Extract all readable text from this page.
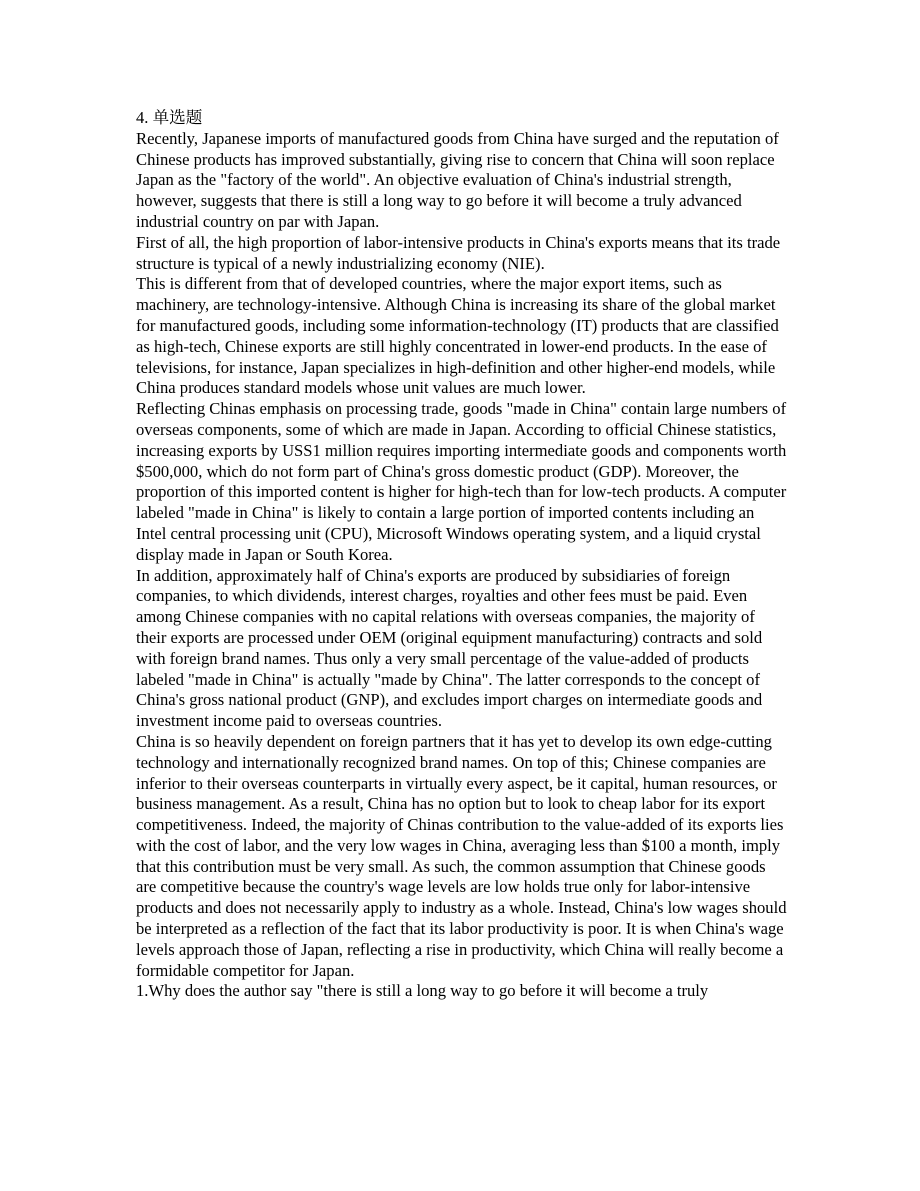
4. 单选题

Recently, Japanese imports of manufactured goods from China have surged and the reputation of Chinese products has improved substantially, giving rise to concern that China will soon replace Japan as the "factory of the world". An objective evaluation of China's industrial strength, however, suggests that there is still a long way to go before it will become a truly advanced industrial country on par with Japan.

First of all, the high proportion of labor-intensive products in China's exports means that its trade structure is typical of a newly industrializing economy (NIE).

This is different from that of developed countries, where the major export items, such as machinery, are technology-intensive. Although China is increasing its share of the global market for manufactured goods, including some information-technology (IT) products that are classified as high-tech, Chinese exports are still highly concentrated in lower-end products. In the ease of televisions, for instance, Japan specializes in high-definition and other higher-end models, while China produces standard models whose unit values are much lower.

Reflecting Chinas emphasis on processing trade, goods "made in China" contain large numbers of overseas components, some of which are made in Japan. According to official Chinese statistics, increasing exports by USS1 million requires importing intermediate goods and components worth $500,000, which do not form part of China's gross domestic product (GDP). Moreover, the proportion of this imported content is higher for high-tech than for low-tech products. A computer labeled "made in China" is likely to contain a large portion of imported contents including an Intel central processing unit (CPU), Microsoft Windows operating system, and a liquid crystal display made in Japan or South Korea.

In addition, approximately half of China's exports are produced by subsidiaries of foreign companies, to which dividends, interest charges, royalties and other fees must be paid. Even among Chinese companies with no capital relations with overseas companies, the majority of their exports are processed under OEM (original equipment manufacturing) contracts and sold with foreign brand names. Thus only a very small percentage of the value-added of products labeled "made in China" is actually "made by China". The latter corresponds to the concept of China's gross national product (GNP), and excludes import charges on intermediate goods and investment income paid to overseas countries.

China is so heavily dependent on foreign partners that it has yet to develop its own edge-cutting technology and internationally recognized brand names. On top of this; Chinese companies are inferior to their overseas counterparts in virtually every aspect, be it capital, human resources, or business management. As a result, China has no option but to look to cheap labor for its export competitiveness. Indeed, the majority of Chinas contribution to the value-added of its exports lies with the cost of labor, and the very low wages in China, averaging less than $100 a month, imply that this contribution must be very small. As such, the common assumption that Chinese goods are competitive because the country's wage levels are low holds true only for labor-intensive products and does not necessarily apply to industry as a whole. Instead, China's low wages should be interpreted as a reflection of the fact that its labor productivity is poor. It is when China's wage levels approach those of Japan, reflecting a rise in productivity, which China will really become a formidable competitor for Japan.

1.Why does the author say "there is still a long way to go before it will become a truly
